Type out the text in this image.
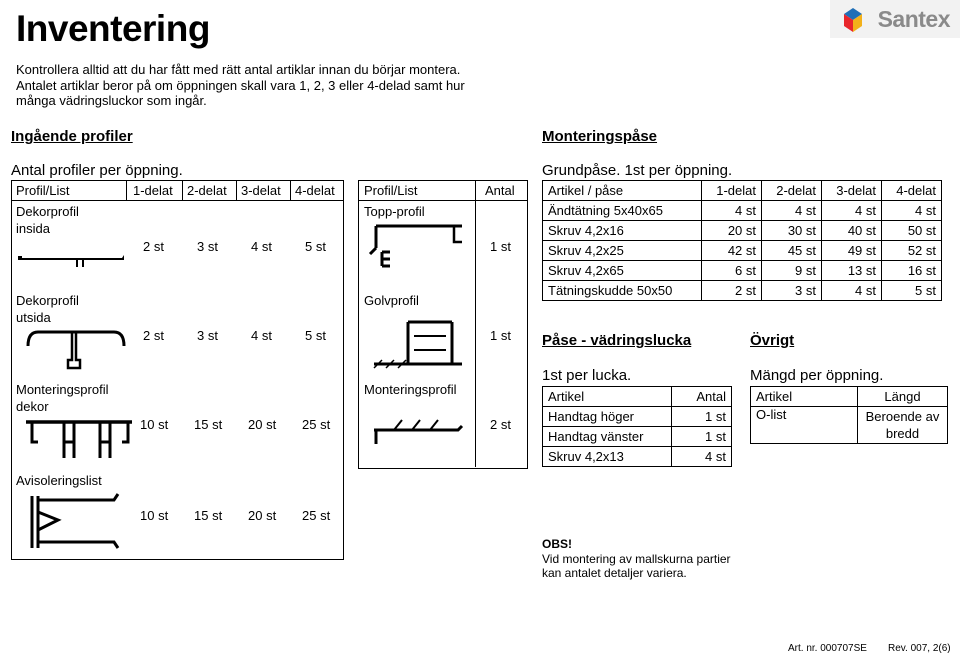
Inventering
Kontrollera alltid att du har fått med rätt antal artiklar innan du börjar montera. Antalet artiklar beror på om öppningen skall vara 1, 2, 3 eller 4-delad samt hur många vädringsluckor som ingår.
Santex
Ingående profiler
Antal profiler per öppning.
Profil/List	1-delat 2-delat 3-delat 4-delat
Dekorprofil
insida
2 st	3 st	4 st	5 st
Dekorprofil
utsida
2 st	3 st	4 st	5 st
Monteringsprofil
dekor
10 st 15 st 20 st 25 st
Avisoleringslist
10 st 15 st 20 st 25 st
Profil/List	Antal
Topp-profil
1 st
Golvprofil
1 st
Monteringsprofil
2 st
Monteringspåse
Grundpåse. 1st per öppning.
Artikel / påse	1-delat	2-delat	3-delat	4-delat
Ändtätning 5x40x65	4 st	4 st	4 st	4 st
Skruv 4,2x16	20 st	30 st	40 st	50 st
Skruv 4,2x25	42 st	45 st	49 st	52 st
Skruv 4,2x65	6 st	9 st	13 st	16 st
Tätningskudde 50x50	2 st	3 st	4 st	5 st
Påse - vädringslucka
1st per lucka.
Artikel	Antal
Handtag höger	1 st
Handtag vänster	1 st
Skruv 4,2x13	4 st
Övrigt
Mängd per öppning.
Artikel	Längd
O-list	Beroende av
bredd
OBS!
Vid montering av mallskurna partier
kan antalet detaljer variera.
Art. nr. 000707SE Rev. 007, 2(6)
